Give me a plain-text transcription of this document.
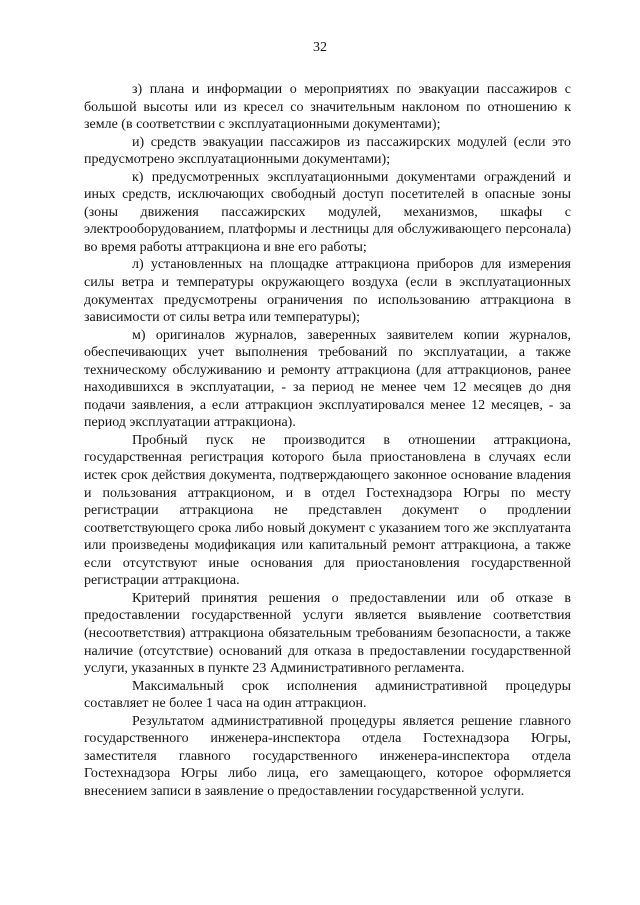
32

з) плана и информации о мероприятиях по эвакуации пассажиров с большой высоты или из кресел со значительным наклоном по отношению к земле (в соответствии с эксплуатационными документами);

и) средств эвакуации пассажиров из пассажирских модулей (если это предусмотрено эксплуатационными документами);

к) предусмотренных эксплуатационными документами ограждений и иных средств, исключающих свободный доступ посетителей в опасные зоны (зоны движения пассажирских модулей, механизмов, шкафы с электрооборудованием, платформы и лестницы для обслуживающего персонала) во время работы аттракциона и вне его работы;

л) установленных на площадке аттракциона приборов для измерения силы ветра и температуры окружающего воздуха (если в эксплуатационных документах предусмотрены ограничения по использованию аттракциона в зависимости от силы ветра или температуры);

м) оригиналов журналов, заверенных заявителем копии журналов, обеспечивающих учет выполнения требований по эксплуатации, а также техническому обслуживанию и ремонту аттракциона (для аттракционов, ранее находившихся в эксплуатации, - за период не менее чем 12 месяцев до дня подачи заявления, а если аттракцион эксплуатировался менее 12 месяцев, - за период эксплуатации аттракциона).

Пробный пуск не производится в отношении аттракциона, государственная регистрация которого была приостановлена в случаях если истек срок действия документа, подтверждающего законное основание владения и пользования аттракционом, и в отдел Гостехнадзора Югры по месту регистрации аттракциона не представлен документ о продлении соответствующего срока либо новый документ с указанием того же эксплуатанта или произведены модификация или капитальный ремонт аттракциона, а также если отсутствуют иные основания для приостановления государственной регистрации аттракциона.

Критерий принятия решения о предоставлении или об отказе в предоставлении государственной услуги является выявление соответствия (несоответствия) аттракциона обязательным требованиям безопасности, а также наличие (отсутствие) оснований для отказа в предоставлении государственной услуги, указанных в пункте 23 Административного регламента.

Максимальный срок исполнения административной процедуры составляет не более 1 часа на один аттракцион.

Результатом административной процедуры является решение главного государственного инженера-инспектора отдела Гостехнадзора Югры, заместителя главного государственного инженера-инспектора отдела Гостехнадзора Югры либо лица, его замещающего, которое оформляется внесением записи в заявление о предоставлении государственной услуги.
